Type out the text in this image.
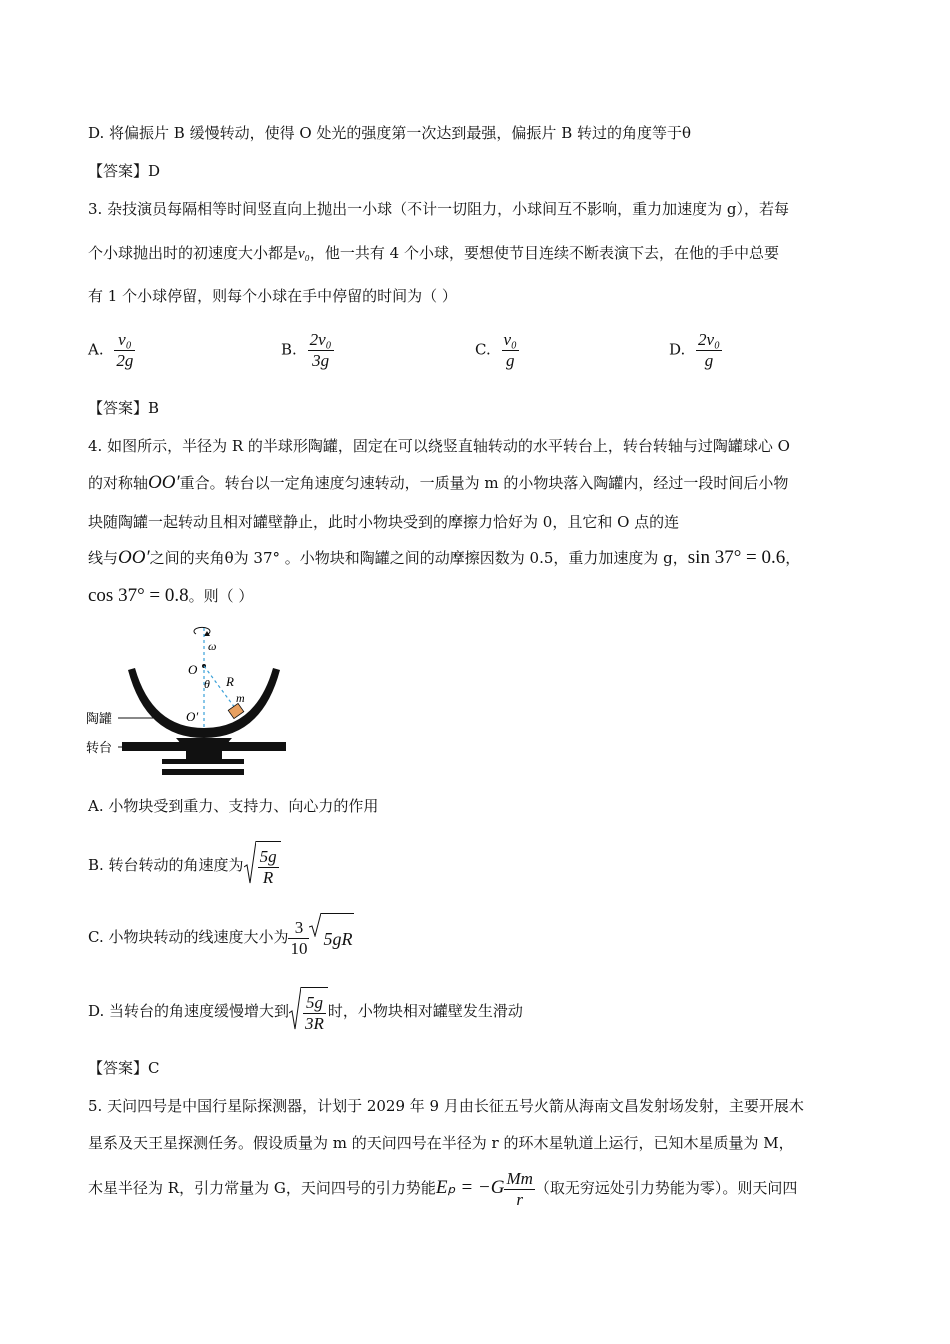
D. 将偏振片 B 缓慢转动，使得 O 处光的强度第一次达到最强，偏振片 B 转过的角度等于θ
【答案】D
3. 杂技演员每隔相等时间竖直向上抛出一小球（不计一切阻力，小球间互不影响，重力加速度为 g），若每
个小球抛出时的初速度大小都是v₀，他一共有 4 个小球，要想使节目连续不断表演下去，在他的手中总要
有 1 个小球停留，则每个小球在手中停留的时间为（ ）
A. $\frac{\text{v₀}}{2g}$	B. $\frac{\text{2v₀}}{3g}$	C. $\frac{\text{v₀}}{g}$	D. $\frac{\text{2v₀}}{g}$
【答案】B
4. 如图所示，半径为 R 的半球形陶罐，固定在可以绕竖直轴转动的水平转台上，转台转轴与过陶罐球心 O
的对称轴OO′重合。转台以一定角速度匀速转动，一质量为 m 的小物块落入陶罐内，经过一段时间后小物
块随陶罐一起转动且相对罐壁静止，此时小物块受到的摩擦力恰好为 0，且它和 O 点的连
线与OO′之间的夹角θ为 37° 。小物块和陶罐之间的动摩擦因数为 0.5，重力加速度为 g，sin 37° = 0.6，
cos 37° = 0.8。则（ ）
ω
O
θ R
m
O′
陶罐
转台
A. 小物块受到重力、支持力、向心力的作用
B. 转台转动的角速度为 $\frac{5g}{R}$
C. 小物块转动的线速度大小为 $\frac{3}{10} 5gR$
D. 当转台的角速度缓慢增大到 $\frac{5g}{3R}$ 时，小物块相对罐壁发生滑动
【答案】C
5. 天问四号是中国行星际探测器，计划于 2029 年 9 月由长征五号火箭从海南文昌发射场发射，主要开展木
星系及天王星探测任务。假设质量为 m 的天问四号在半径为 r 的环木星轨道上运行，已知木星质量为 M，
木星半径为 R，引力常量为 G，天问四号的引力势能$E_p = -G \frac{Mm}{r}$ （取无穷远处引力势能为零）。则天问四
